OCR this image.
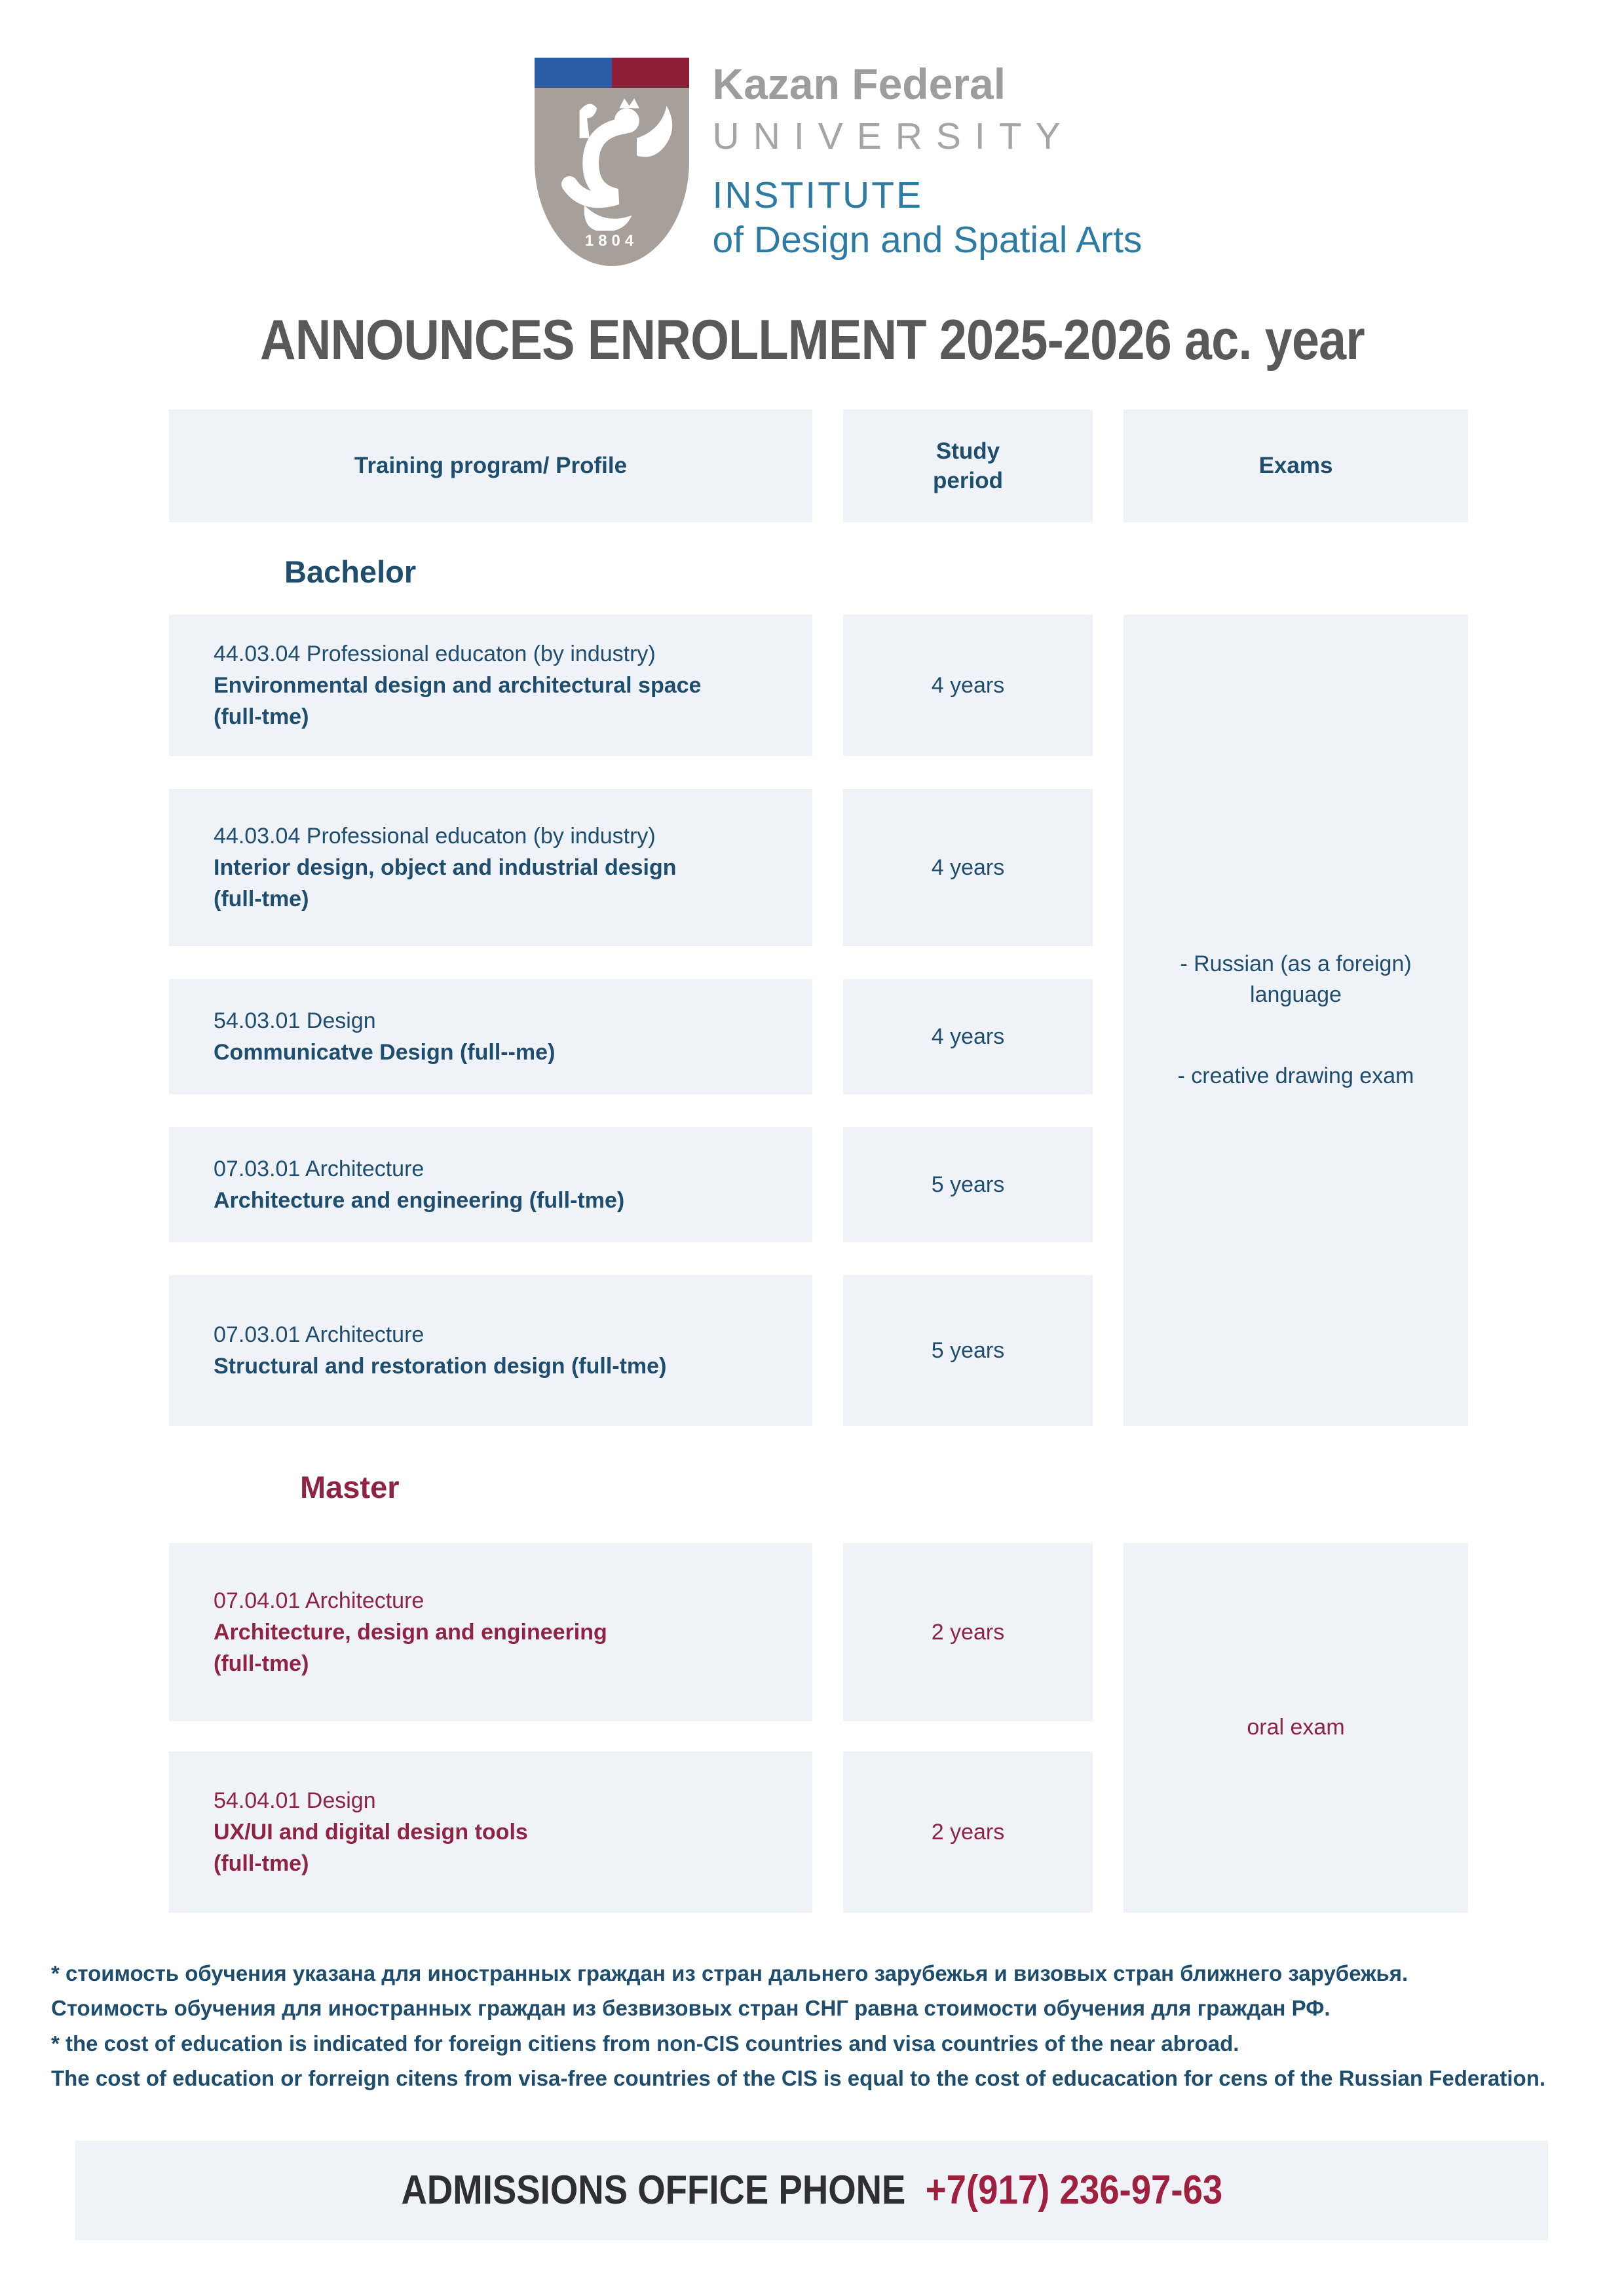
1804
Kazan Federal
UNIVERSITY
INSTITUTE
of Design and Spatial Arts
ANNOUNCES ENROLLMENT 2025-2026 ac. year
Training program/ Profile
Study
period
Exams
Bachelor
44.03.04 Professional educaton (by industry)
Environmental design and architectural space
(full-tme)
4 years
44.03.04 Professional educaton (by industry)
Interior design, object and industrial design
(full-tme)
4 years
54.03.01 Design
Communicatve Design (full--me)
4 years
07.03.01 Architecture
Architecture and engineering (full-tme)
5 years
07.03.01 Architecture
Structural and restoration design (full-tme)
5 years
- Russian (as a foreign) language
- creative drawing exam
Master
07.04.01 Architecture
Architecture, design and engineering
(full-tme)
2 years
54.04.01 Design
UX/UI and digital design tools
(full-tme)
2 years
oral exam

* стоимость обучения указана для иностранных граждан из стран дальнего зарубежья и визовых стран ближнего зарубежья.

Стоимость обучения для иностранных граждан из безвизовых стран СНГ равна стоимости обучения для граждан РФ.

* the cost of education is indicated for foreign citiens from non-CIS countries and visa countries of the near abroad.

The cost of education or forreign citens from visa-free countries of the CIS is equal to the cost of educacation for cens of the Russian Federation.

ADMISSIONS OFFICE PHONE +7(917) 236-97-63
